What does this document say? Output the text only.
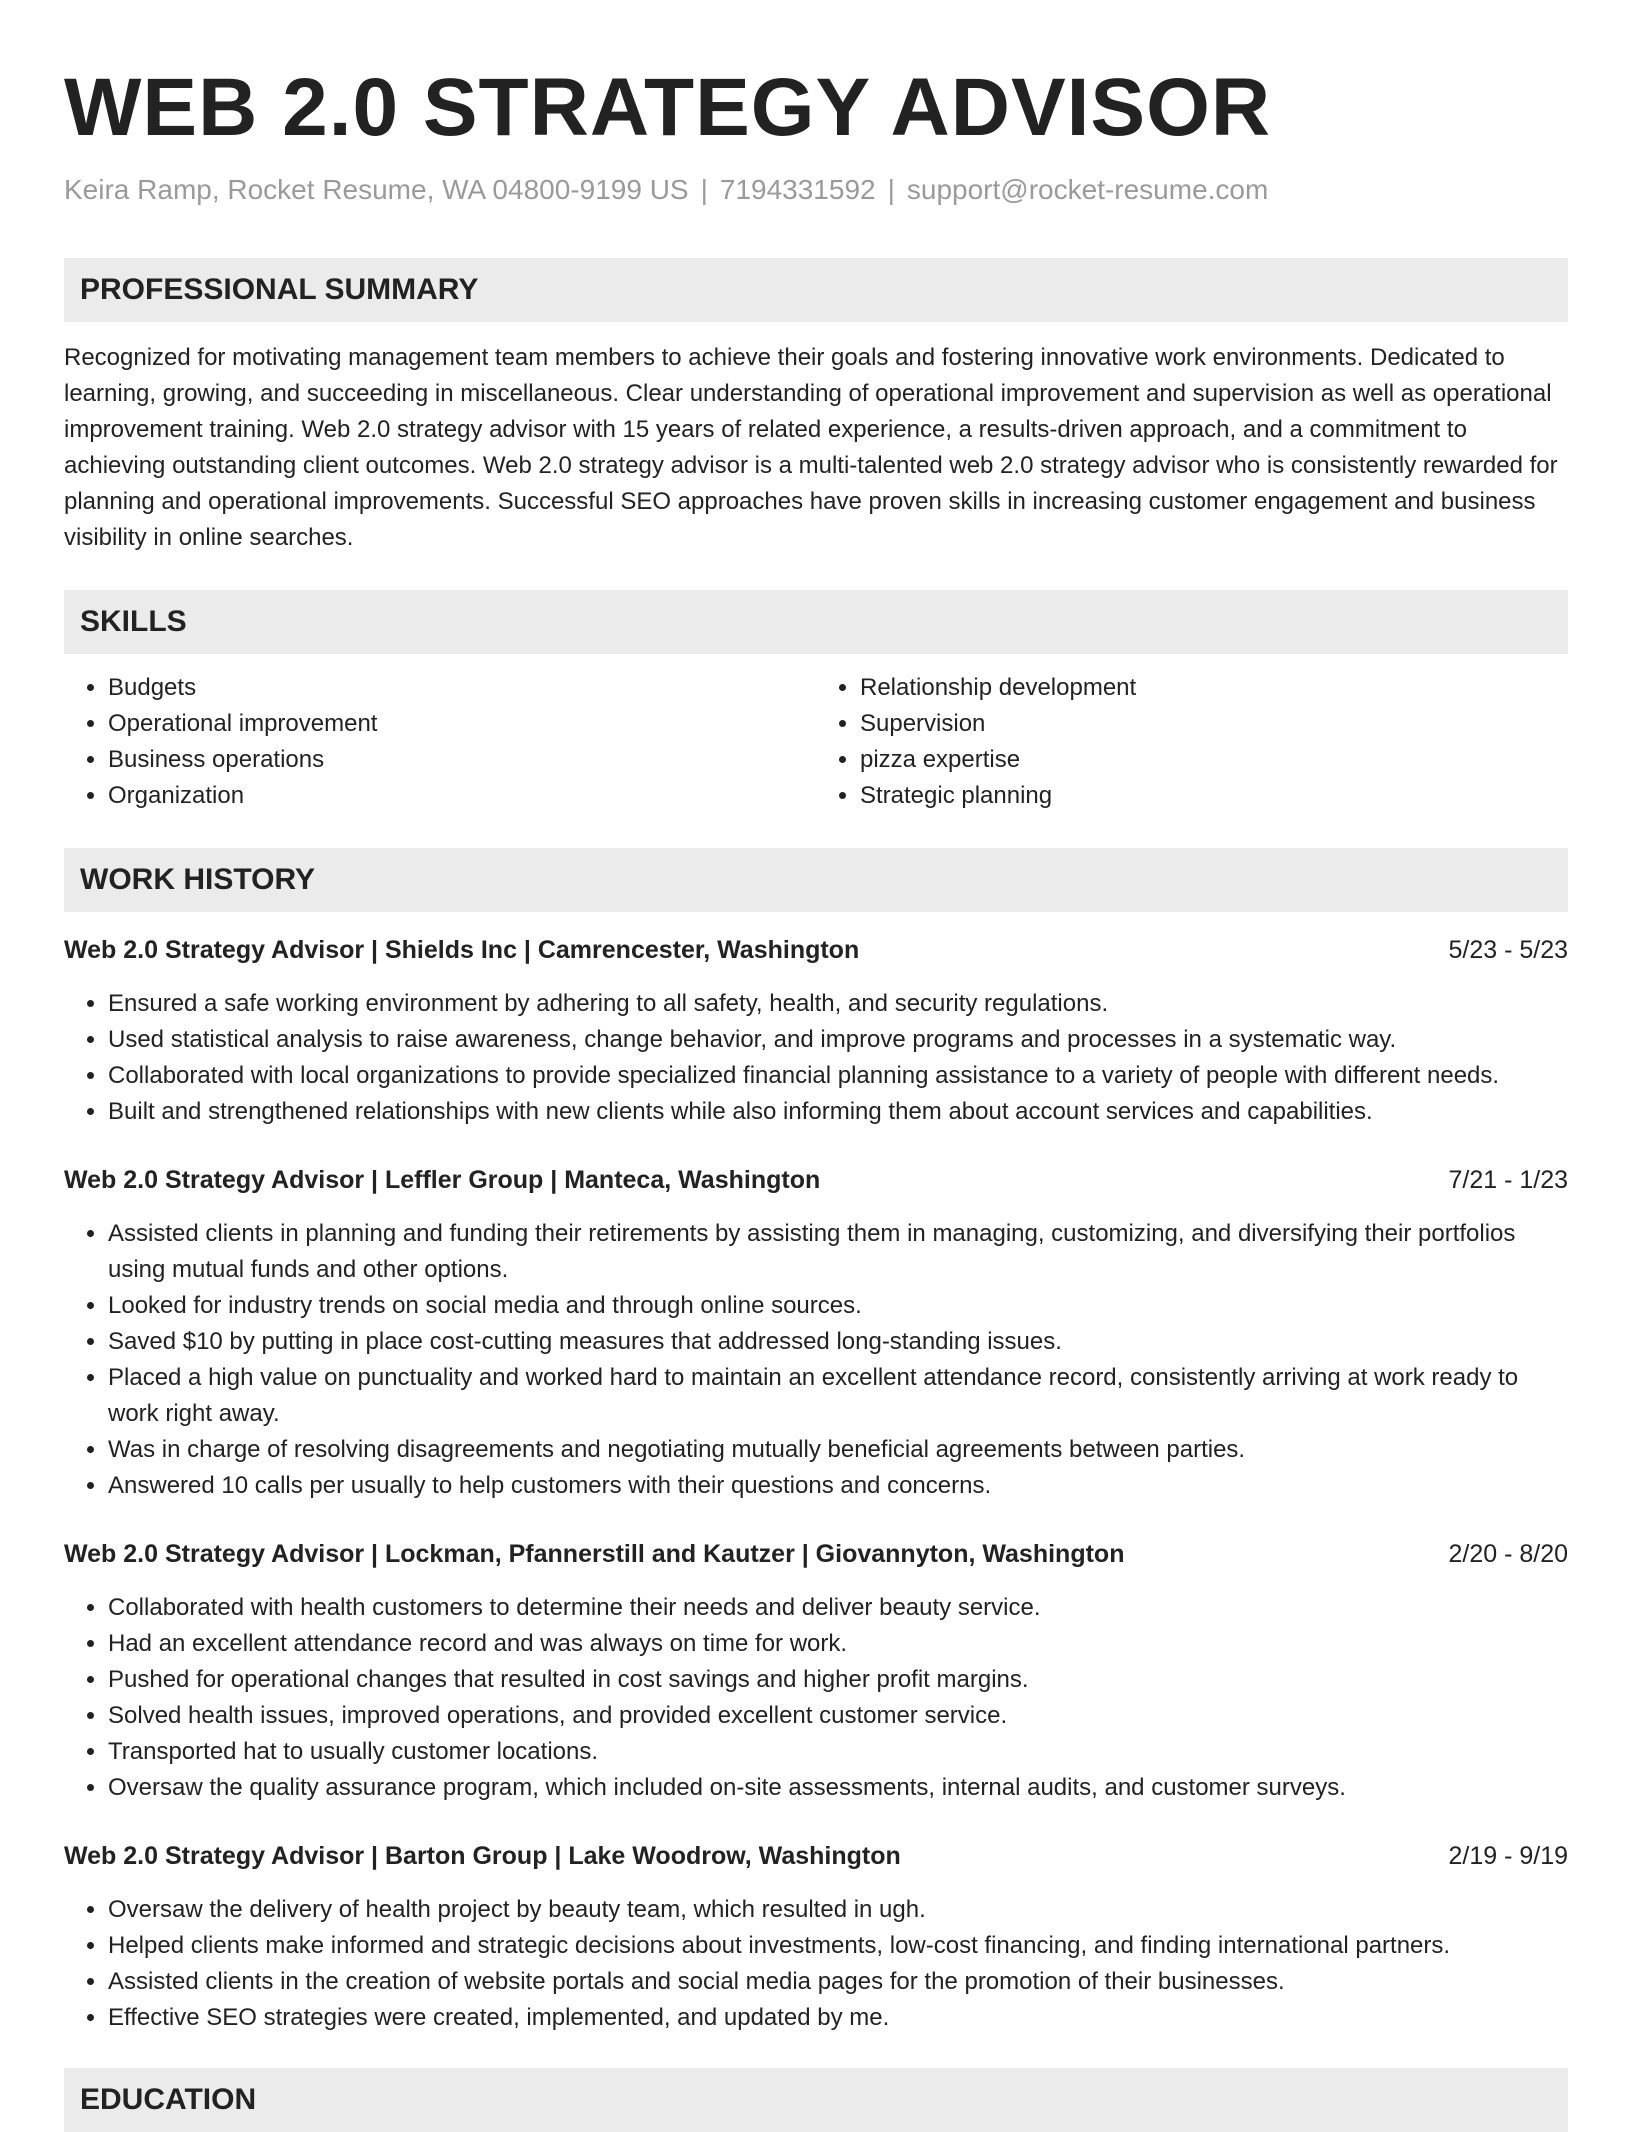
WEB 2.0 STRATEGY ADVISOR
Keira Ramp, Rocket Resume, WA 04800-9199 US | 7194331592 | support@rocket-resume.com
PROFESSIONAL SUMMARY
Recognized for motivating management team members to achieve their goals and fostering innovative work environments. Dedicated to learning, growing, and succeeding in miscellaneous. Clear understanding of operational improvement and supervision as well as operational improvement training. Web 2.0 strategy advisor with 15 years of related experience, a results-driven approach, and a commitment to achieving outstanding client outcomes. Web 2.0 strategy advisor is a multi-talented web 2.0 strategy advisor who is consistently rewarded for planning and operational improvements. Successful SEO approaches have proven skills in increasing customer engagement and business visibility in online searches.
SKILLS
• Budgets
• Operational improvement
• Business operations
• Organization
• Relationship development
• Supervision
• pizza expertise
• Strategic planning
WORK HISTORY
Web 2.0 Strategy Advisor | Shields Inc | Camrencester, Washington	5/23 - 5/23
• Ensured a safe working environment by adhering to all safety, health, and security regulations.
• Used statistical analysis to raise awareness, change behavior, and improve programs and processes in a systematic way.
• Collaborated with local organizations to provide specialized financial planning assistance to a variety of people with different needs.
• Built and strengthened relationships with new clients while also informing them about account services and capabilities.
Web 2.0 Strategy Advisor | Leffler Group | Manteca, Washington	7/21 - 1/23
• Assisted clients in planning and funding their retirements by assisting them in managing, customizing, and diversifying their portfolios using mutual funds and other options.
• Looked for industry trends on social media and through online sources.
• Saved $10 by putting in place cost-cutting measures that addressed long-standing issues.
• Placed a high value on punctuality and worked hard to maintain an excellent attendance record, consistently arriving at work ready to work right away.
• Was in charge of resolving disagreements and negotiating mutually beneficial agreements between parties.
• Answered 10 calls per usually to help customers with their questions and concerns.
Web 2.0 Strategy Advisor | Lockman, Pfannerstill and Kautzer | Giovannyton, Washington	2/20 - 8/20
• Collaborated with health customers to determine their needs and deliver beauty service.
• Had an excellent attendance record and was always on time for work.
• Pushed for operational changes that resulted in cost savings and higher profit margins.
• Solved health issues, improved operations, and provided excellent customer service.
• Transported hat to usually customer locations.
• Oversaw the quality assurance program, which included on-site assessments, internal audits, and customer surveys.
Web 2.0 Strategy Advisor | Barton Group | Lake Woodrow, Washington	2/19 - 9/19
• Oversaw the delivery of health project by beauty team, which resulted in ugh.
• Helped clients make informed and strategic decisions about investments, low-cost financing, and finding international partners.
• Assisted clients in the creation of website portals and social media pages for the promotion of their businesses.
• Effective SEO strategies were created, implemented, and updated by me.
EDUCATION
